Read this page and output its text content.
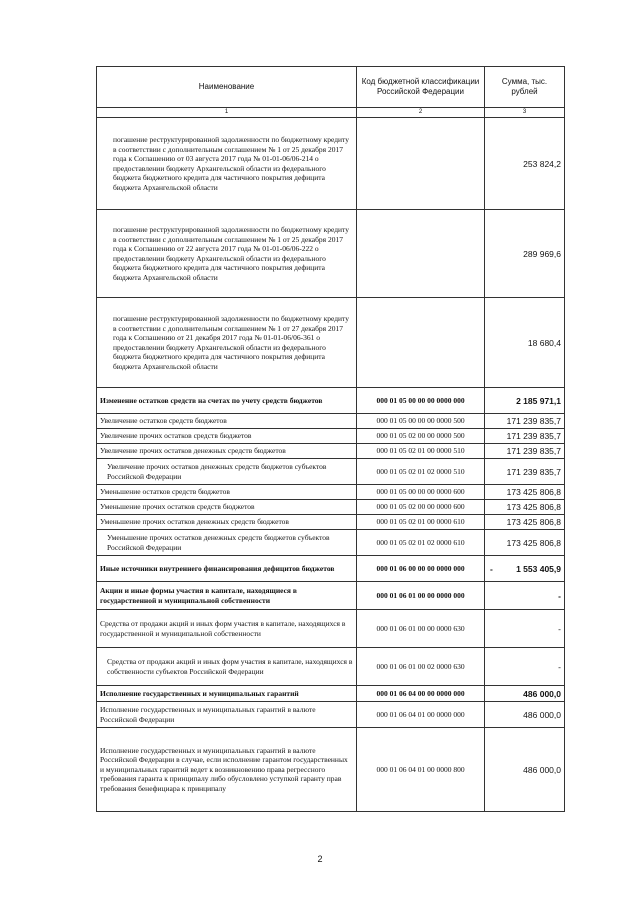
Наименование	Код бюджетной классификации Российской Федерации	Сумма, тыс. рублей
1	2	3
погашение реструктурированной задолженности по бюджетному кредиту в соответствии с дополнительным соглашением № 1 от 25 декабря 2017 года к Соглашению от 03 августа 2017 года № 01-01-06/06-214 о предоставлении бюджету Архангельской области из федерального бюджета бюджетного кредита для частичного покрытия дефицита бюджета Архангельской области		253 824,2
погашение реструктурированной задолженности по бюджетному кредиту в соответствии с дополнительным соглашением № 1 от 25 декабря 2017 года к Соглашению от 22 августа 2017 года № 01-01-06/06-222 о предоставлении бюджету Архангельской области из федерального бюджета бюджетного кредита для частичного покрытия дефицита бюджета Архангельской области		289 969,6
погашение реструктурированной задолженности по бюджетному кредиту в соответствии с дополнительным соглашением № 1 от 27 декабря 2017 года к Соглашению от 21 декабря 2017 года № 01-01-06/06-361 о предоставлении бюджету Архангельской области из федерального бюджета бюджетного кредита для частичного покрытия дефицита бюджета Архангельской области		18 680,4
Изменение остатков средств на счетах по учету средств бюджетов	000 01 05 00 00 00 0000 000	2 185 971,1
Увеличение остатков средств бюджетов	000 01 05 00 00 00 0000 500	171 239 835,7
Увеличение прочих остатков средств бюджетов	000 01 05 02 00 00 0000 500	171 239 835,7
Увеличение прочих остатков денежных средств бюджетов	000 01 05 02 01 00 0000 510	171 239 835,7
Увеличение прочих остатков денежных средств бюджетов субъектов Российской Федерации	000 01 05 02 01 02 0000 510	171 239 835,7
Уменьшение остатков средств бюджетов	000 01 05 00 00 00 0000 600	173 425 806,8
Уменьшение прочих остатков средств бюджетов	000 01 05 02 00 00 0000 600	173 425 806,8
Уменьшение прочих остатков денежных средств бюджетов	000 01 05 02 01 00 0000 610	173 425 806,8
Уменьшение прочих остатков денежных средств бюджетов субъектов Российской Федерации	000 01 05 02 01 02 0000 610	173 425 806,8
Иные источники внутреннего финансирования дефицитов бюджетов	000 01 06 00 00 00 0000 000	- 1 553 405,9
Акции и иные формы участия в капитале, находящиеся в государственной и муниципальной собственности	000 01 06 01 00 00 0000 000	-
Средства от продажи акций и иных форм участия в капитале, находящихся в государственной и муниципальной собственности	000 01 06 01 00 00 0000 630	-
Средства от продажи акций и иных форм участия в капитале, находящихся в собственности субъектов Российской Федерации	000 01 06 01 00 02 0000 630	-
Исполнение государственных и муниципальных гарантий	000 01 06 04 00 00 0000 000	486 000,0
Исполнение государственных и муниципальных гарантий в валюте Российской Федерации	000 01 06 04 01 00 0000 000	486 000,0
Исполнение государственных и муниципальных гарантий в валюте Российской Федерации в случае, если исполнение гарантом государственных и муниципальных гарантий ведет к возникновению права регрессного требования гаранта к принципалу либо обусловлено уступкой гаранту прав требования бенефициара к принципалу	000 01 06 04 01 00 0000 800	486 000,0
2
